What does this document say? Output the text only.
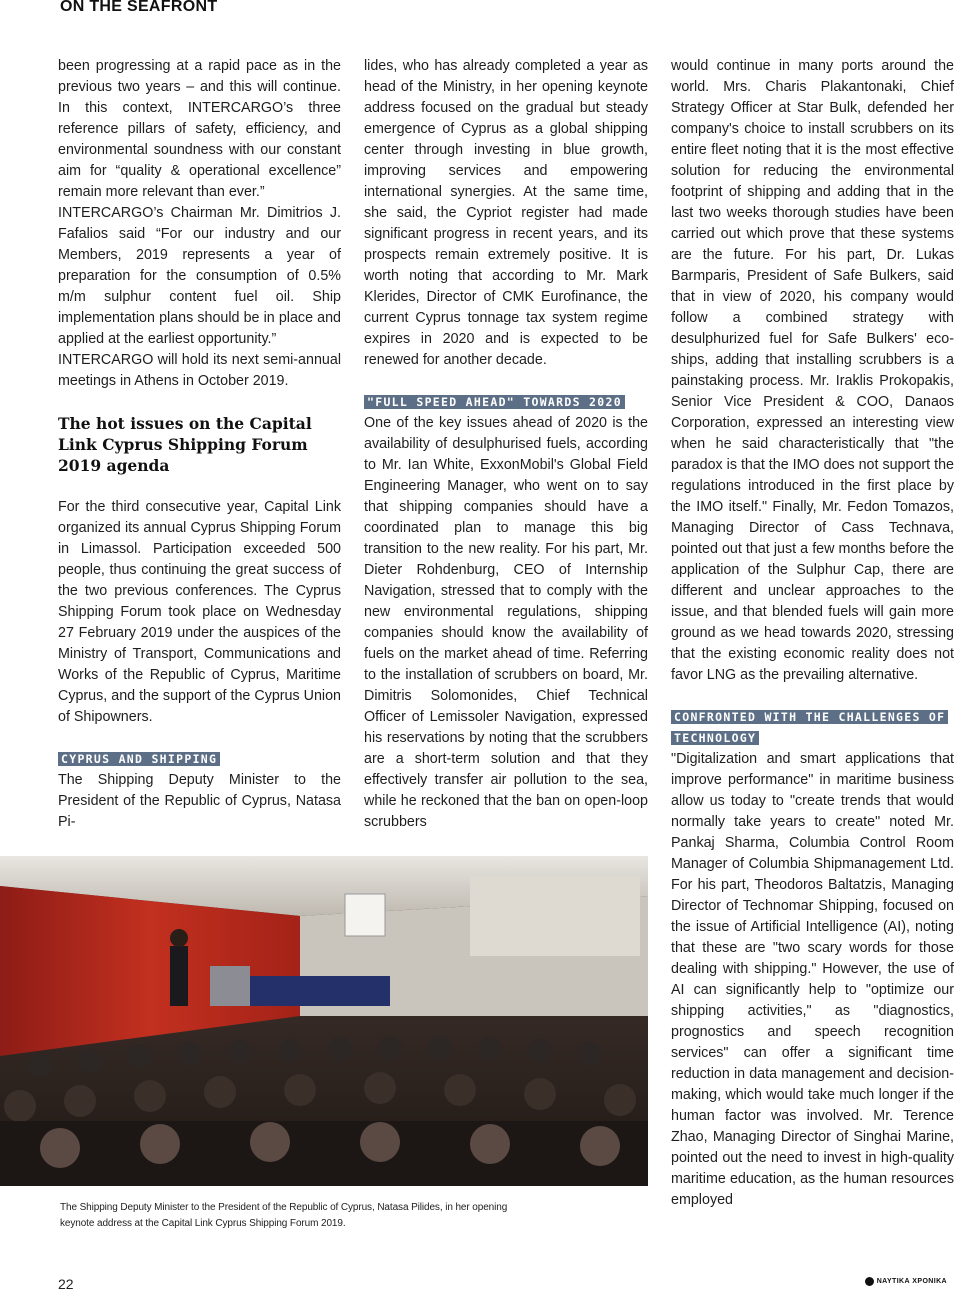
ON THE SEAFRONT

been progressing at a rapid pace as in the previous two years – and this will continue. In this context, INTERCARGO’s three reference pillars of safety, efficiency, and environmental soundness with our constant aim for “quality & operational excellence” remain more relevant than ever.”

INTERCARGO’s Chairman Mr. Dimitrios J. Fafalios said “For our industry and our Members, 2019 represents a year of preparation for the consumption of 0.5% m/m sulphur content fuel oil. Ship implementation plans should be in place and applied at the earliest opportunity.”

INTERCARGO will hold its next semi-annual meetings in Athens in October 2019.

The hot issues on the Capital Link Cyprus Shipping Forum 2019 agenda

For the third consecutive year, Capital Link organized its annual Cyprus Shipping Forum in Limassol. Participation exceeded 500 people, thus continuing the great success of the two previous conferences. The Cyprus Shipping Forum took place on Wednesday 27 February 2019 under the auspices of the Ministry of Transport, Communications and Works of the Republic of Cyprus, Maritime Cyprus, and the support of the Cyprus Union of Shipowners.

CYPRUS AND SHIPPING

The Shipping Deputy Minister to the President of the Republic of Cyprus, Natasa Pi-

lides, who has already completed a year as head of the Ministry, in her opening keynote address focused on the gradual but steady emergence of Cyprus as a global shipping center through investing in blue growth, improving services and empowering international synergies. At the same time, she said, the Cypriot register had made significant progress in recent years, and its prospects remain extremely positive. It is worth noting that according to Mr. Mark Klerides, Director of CMK Eurofinance, the current Cyprus tonnage tax system regime expires in 2020 and is expected to be renewed for another decade.

"FULL SPEED AHEAD" TOWARDS 2020

One of the key issues ahead of 2020 is the availability of desulphurised fuels, according to Mr. Ian White, ExxonMobil's Global Field Engineering Manager, who went on to say that shipping companies should have a coordinated plan to manage this big transition to the new reality. For his part, Mr. Dieter Rohdenburg, CEO of Internship Navigation, stressed that to comply with the new environmental regulations, shipping companies should know the availability of fuels on the market ahead of time. Referring to the installation of scrubbers on board, Mr. Dimitris Solomonides, Chief Technical Officer of Lemissoler Navigation, expressed his reservations by noting that the scrubbers are a short-term solution and that they effectively transfer air pollution to the sea, while he reckoned that the ban on open-loop scrubbers

would continue in many ports around the world. Mrs. Charis Plakantonaki, Chief Strategy Officer at Star Bulk, defended her company's choice to install scrubbers on its entire fleet noting that it is the most effective solution for reducing the environmental footprint of shipping and adding that in the last two weeks thorough studies have been carried out which prove that these systems are the future. For his part, Dr. Lukas Barmparis, President of Safe Bulkers, said that in view of 2020, his company would follow a combined strategy with desulphurized fuel for Safe Bulkers' eco-ships, adding that installing scrubbers is a painstaking process. Mr. Iraklis Prokopakis, Senior Vice President & COO, Danaos Corporation, expressed an interesting view when he said characteristically that "the paradox is that the IMO does not support the regulations introduced in the first place by the IMO itself." Finally, Mr. Fedon Tomazos, Managing Director of Cass Technava, pointed out that just a few months before the application of the Sulphur Cap, there are different and unclear approaches to the issue, and that blended fuels will gain more ground as we head towards 2020, stressing that the existing economic reality does not favor LNG as the prevailing alternative.

CONFRONTED WITH THE CHALLENGES OF TECHNOLOGY

"Digitalization and smart applications that improve performance" in maritime business allow us today to "create trends that would normally take years to create" noted Mr. Pankaj Sharma, Columbia Control Room Manager of Columbia Shipmanagement Ltd. For his part, Theodoros Baltatzis, Managing Director of Technomar Shipping, focused on the issue of Artificial Intelligence (AI), noting that these are "two scary words for those dealing with shipping." However, the use of AI can significantly help to "optimize our shipping activities," as "diagnostics, prognostics and speech recognition services" can offer a significant time reduction in data management and decision-making, which would take much longer if the human factor was involved. Mr. Terence Zhao, Managing Director of Singhai Marine, pointed out the need to invest in high-quality maritime education, as the human resources employed

The Shipping Deputy Minister to the President of the Republic of Cyprus, Natasa Pilides, in her opening keynote address at the Capital Link Cyprus Shipping Forum 2019.
22	ΝΑΥΤΙΚΑ ΧΡΟΝΙΚΑ
